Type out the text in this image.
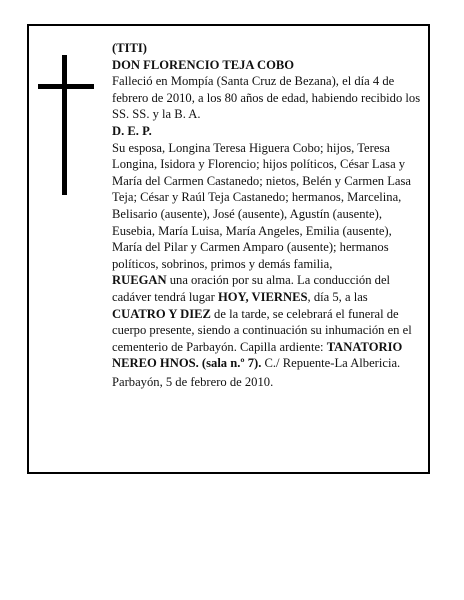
(TITI)

DON FLORENCIO TEJA COBO

Falleció en Mompía (Santa Cruz de Bezana), el día 4 de febrero de 2010, a los 80 años de edad, habiendo recibido los SS. SS. y la B. A.

D. E. P.

Su esposa, Longina Teresa Higuera Cobo; hijos, Teresa Longina, Isidora y Florencio; hijos políticos, César Lasa y María del Carmen Castanedo; nietos, Belén y Carmen Lasa Teja; César y Raúl Teja Castanedo; hermanos, Marcelina, Belisario (ausente), José (ausente), Agustín (ausente), Eusebia, María Luisa, María Angeles, Emilia (ausente), María del Pilar y Carmen Amparo (ausente); hermanos políticos, sobrinos, primos y demás familia,

RUEGAN una oración por su alma. La conducción del cadáver tendrá lugar HOY, VIERNES, día 5, a las CUATRO Y DIEZ de la tarde, se celebrará el funeral de cuerpo presente, siendo a continuación su inhumación en el cementerio de Parbayón. Capilla ardiente: TANATORIO NEREO HNOS. (sala n.º 7). C./ Repuente-La Albericia.

Parbayón, 5 de febrero de 2010.
